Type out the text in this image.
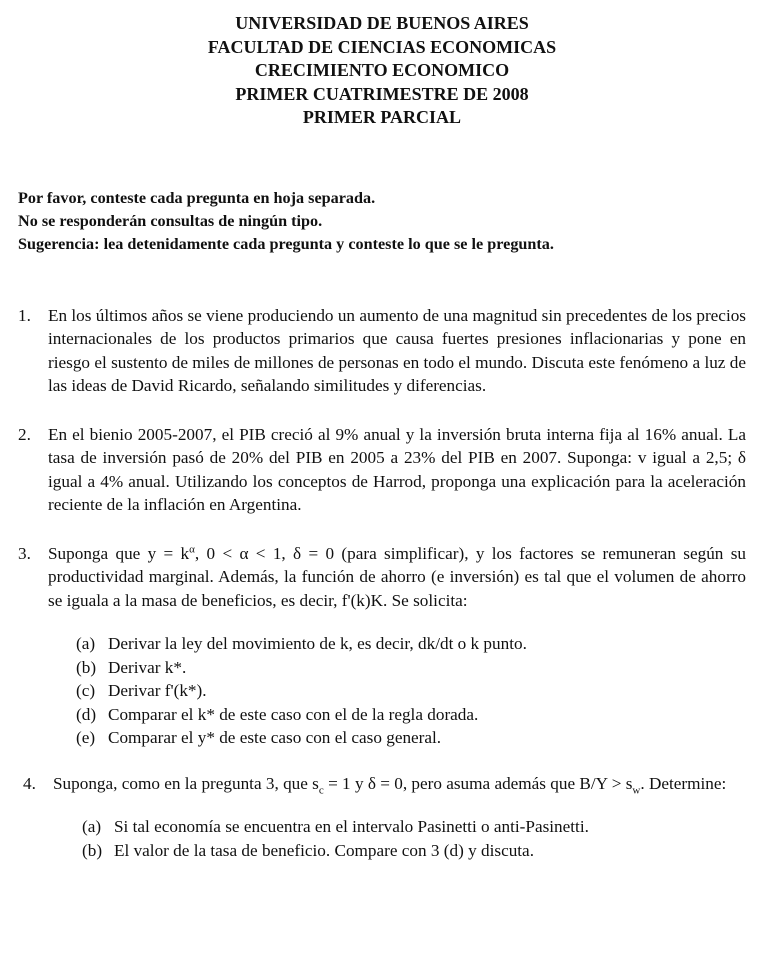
UNIVERSIDAD DE BUENOS AIRES
FACULTAD DE CIENCIAS ECONOMICAS
CRECIMIENTO ECONOMICO
PRIMER CUATRIMESTRE DE 2008
PRIMER PARCIAL
Por favor, conteste cada pregunta en hoja separada.
No se responderán consultas de ningún tipo.
Sugerencia: lea detenidamente cada pregunta y conteste lo que se le pregunta.
1. En los últimos años se viene produciendo un aumento de una magnitud sin precedentes de los precios internacionales de los productos primarios que causa fuertes presiones inflacionarias y pone en riesgo el sustento de miles de millones de personas en todo el mundo. Discuta este fenómeno a luz de las ideas de David Ricardo, señalando similitudes y diferencias.
2. En el bienio 2005-2007, el PIB creció al 9% anual y la inversión bruta interna fija al 16% anual. La tasa de inversión pasó de 20% del PIB en 2005 a 23% del PIB en 2007. Suponga: v igual a 2,5; δ igual a 4% anual. Utilizando los conceptos de Harrod, proponga una explicación para la aceleración reciente de la inflación en Argentina.
3. Suponga que $y = k^\alpha$, 0 < α < 1, δ = 0 (para simplificar), y los factores se remuneran según su productividad marginal. Además, la función de ahorro (e inversión) es tal que el volumen de ahorro se iguala a la masa de beneficios, es decir, f'(k)K. Se solicita:
(a) Derivar la ley del movimiento de k, es decir, dk/dt o k punto.
(b) Derivar k*.
(c) Derivar f'(k*).
(d) Comparar el k* de este caso con el de la regla dorada.
(e) Comparar el y* de este caso con el caso general.
4. Suponga, como en la pregunta 3, que $s_c = 1$ y δ = 0, pero asuma además que $B/Y > s_w$. Determine:
(a) Si tal economía se encuentra en el intervalo Pasinetti o anti-Pasinetti.
(b) El valor de la tasa de beneficio. Compare con 3 (d) y discuta.
